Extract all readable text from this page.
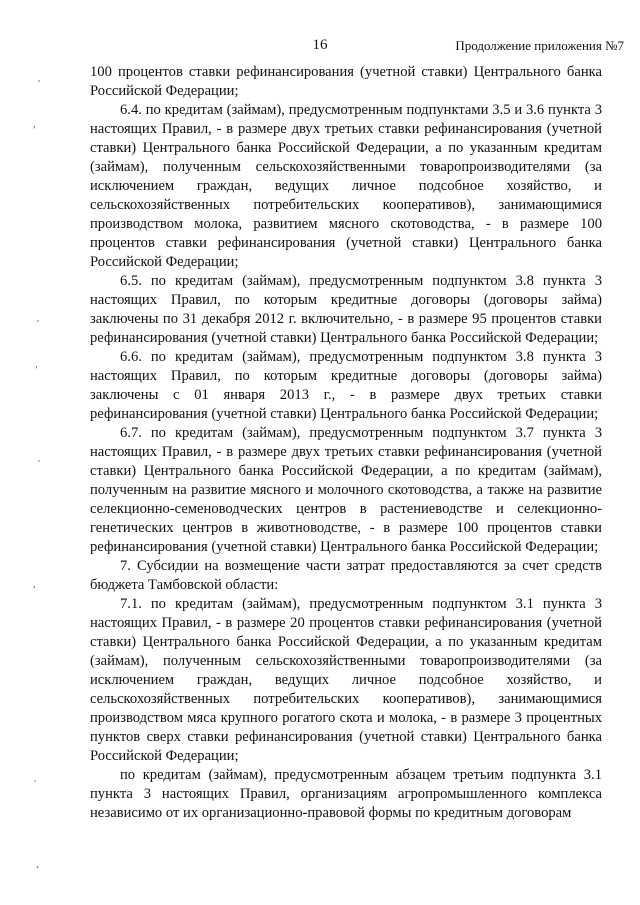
16	Продолжение приложения №7

100 процентов ставки рефинансирования (учетной ставки) Центрального банка Российской Федерации;

6.4. по кредитам (займам), предусмотренным подпунктами 3.5 и 3.6 пункта 3 настоящих Правил, - в размере двух третьих ставки рефинансирования (учетной ставки) Центрального банка Российской Федерации, а по указанным кредитам (займам), полученным сельскохозяйственными товаропроизводителями (за исключением граждан, ведущих личное подсобное хозяйство, и сельскохозяйственных потребительских кооперативов), занимающимися производством молока, развитием мясного скотоводства, - в размере 100 процентов ставки рефинансирования (учетной ставки) Центрального банка Российской Федерации;

6.5. по кредитам (займам), предусмотренным подпунктом 3.8 пункта 3 настоящих Правил, по которым кредитные договоры (договоры займа) заключены по 31 декабря 2012 г. включительно, - в размере 95 процентов ставки рефинансирования (учетной ставки) Центрального банка Российской Федерации;

6.6. по кредитам (займам), предусмотренным подпунктом 3.8 пункта 3 настоящих Правил, по которым кредитные договоры (договоры займа) заключены с 01 января 2013 г., - в размере двух третьих ставки рефинансирования (учетной ставки) Центрального банка Российской Федерации;

6.7. по кредитам (займам), предусмотренным подпунктом 3.7 пункта 3 настоящих Правил, - в размере двух третьих ставки рефинансирования (учетной ставки) Центрального банка Российской Федерации, а по кредитам (займам), полученным на развитие мясного и молочного скотоводства, а также на развитие селекционно-семеноводческих центров в растениеводстве и селекционно-генетических центров в животноводстве, - в размере 100 процентов ставки рефинансирования (учетной ставки) Центрального банка Российской Федерации;

7. Субсидии на возмещение части затрат предоставляются за счет средств бюджета Тамбовской области:

7.1. по кредитам (займам), предусмотренным подпунктом 3.1 пункта 3 настоящих Правил, - в размере 20 процентов ставки рефинансирования (учетной ставки) Центрального банка Российской Федерации, а по указанным кредитам (займам), полученным сельскохозяйственными товаропроизводителями (за исключением граждан, ведущих личное подсобное хозяйство, и сельскохозяйственных потребительских кооперативов), занимающимися производством мяса крупного рогатого скота и молока, - в размере 3 процентных пунктов сверх ставки рефинансирования (учетной ставки) Центрального банка Российской Федерации;

по кредитам (займам), предусмотренным абзацем третьим подпункта 3.1 пункта 3 настоящих Правил, организациям агропромышленного комплекса независимо от их организационно-правовой формы по кредитным договорам

'
,
'
,
'
,
'
,
